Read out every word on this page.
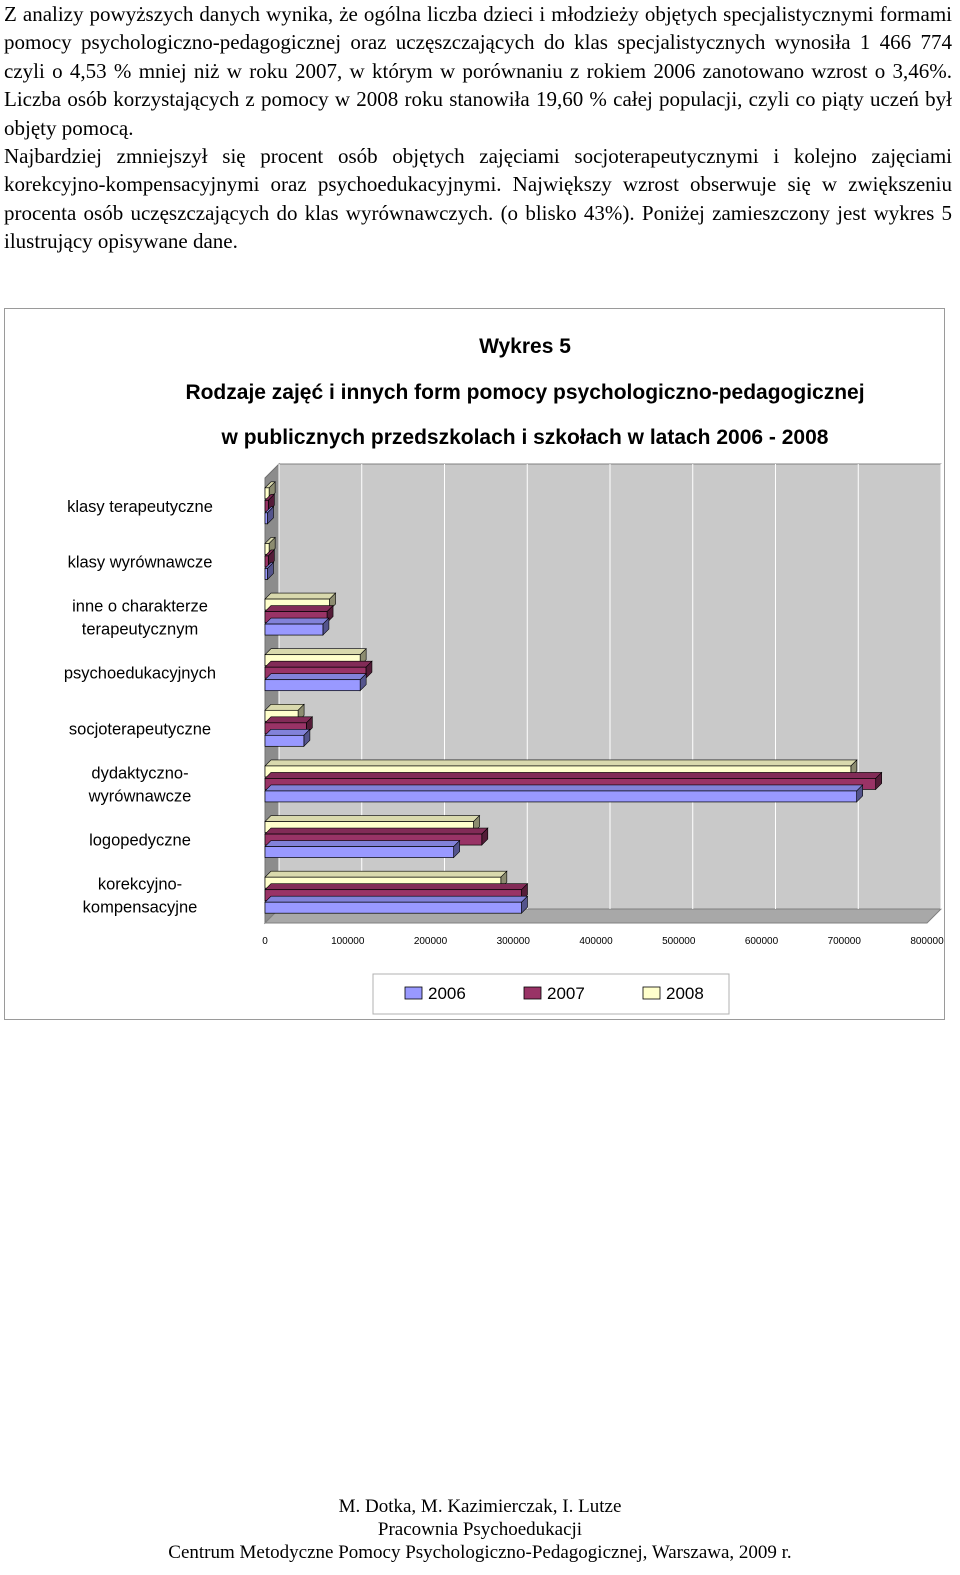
Z analizy powyższych danych wynika, że ogólna liczba dzieci i młodzieży objętych specjalistycznymi formami pomocy psychologiczno-pedagogicznej oraz uczęszczających do klas specjalistycznych wynosiła 1 466 774 czyli o 4,53 % mniej niż w roku 2007, w którym w porównaniu z rokiem 2006 zanotowano wzrost o 3,46%. Liczba osób korzystających z pomocy w 2008 roku stanowiła 19,60 % całej populacji, czyli co piąty uczeń był objęty pomocą.

Najbardziej zmniejszył się procent osób objętych zajęciami socjoterapeutycznymi i kolejno zajęciami korekcyjno-kompensacyjnymi oraz psychoedukacyjnymi. Największy wzrost obserwuje się w zwiększeniu procenta osób uczęszczających do klas wyrównawczych. (o blisko 43%). Poniżej zamieszczony jest wykres 5 ilustrujący opisywane dane.

Wykres 5
Rodzaje zajęć i innych form pomocy psychologiczno-pedagogicznej
w publicznych przedszkolach i szkołach w latach 2006 - 2008
0	100000	200000	300000	400000	500000	600000	700000	800000
klasy terapeutyczne
klasy wyrównawcze
inne o charakterze terapeutycznym
psychoedukacyjnych
socjoterapeutyczne
dydaktyczno-wyrównawcze
logopedyczne
korekcyjno-kompensacyjne
2006	2007	2008
M. Dotka, M. Kazimierczak, I. Lutze
Pracownia Psychoedukacji
Centrum Metodyczne Pomocy Psychologiczno-Pedagogicznej, Warszawa, 2009 r.
